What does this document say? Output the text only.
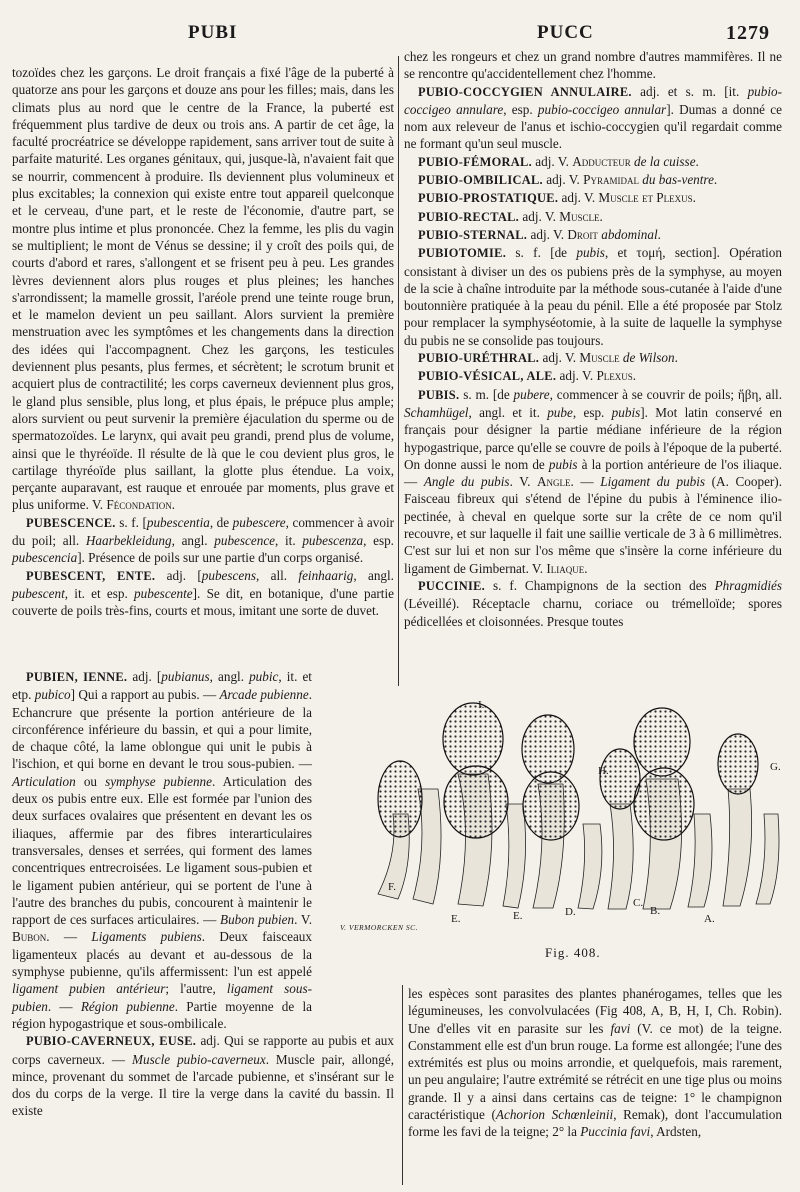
PUBI	PUCC	1279

tozoïdes chez les garçons. Le droit français a fixé l'âge de la puberté à quatorze ans pour les garçons et douze ans pour les filles; mais, dans les climats plus au nord que le centre de la France, la puberté est fréquemment plus tardive de deux ou trois ans. A partir de cet âge, la faculté procréatrice se développe rapidement, sans arriver tout de suite à parfaite maturité. Les organes génitaux, qui, jusque-là, n'avaient fait que se nourrir, commencent à produire. Ils deviennent plus volumineux et plus excitables; la connexion qui existe entre tout appareil quelconque et le cerveau, d'une part, et le reste de l'économie, d'autre part, se montre plus intime et plus prononcée. Chez la femme, les plis du vagin se multiplient; le mont de Vénus se dessine; il y croît des poils qui, de courts d'abord et rares, s'allongent et se frisent peu à peu. Les grandes lèvres deviennent alors plus rouges et plus pleines; les hanches s'arrondissent; la mamelle grossit, l'aréole prend une teinte rouge brun, et le mamelon devient un peu saillant. Alors survient la première menstruation avec les symptômes et les changements dans la direction des idées qui l'accompagnent. Chez les garçons, les testicules deviennent plus pesants, plus fermes, et sécrètent; le scrotum brunit et acquiert plus de contractilité; les corps caverneux deviennent plus gros, le gland plus sensible, plus long, et plus épais, le prépuce plus ample; alors survient ou peut survenir la première éjaculation du sperme ou de spermatozoïdes. Le larynx, qui avait peu grandi, prend plus de volume, ainsi que le thyréoïde. Il résulte de là que le cou devient plus gros, le cartilage thyréoïde plus saillant, la glotte plus étendue. La voix, perçante auparavant, est rauque et enrouée par moments, plus grave et plus uniforme. V. Fécondation.

PUBESCENCE. s. f. [pubescentia, de pubescere, commencer à avoir du poil; all. Haarbekleidung, angl. pubescence, it. pubescenza, esp. pubescencia]. Présence de poils sur une partie d'un corps organisé.

PUBESCENT, ENTE. adj. [pubescens, all. feinhaarig, angl. pubescent, it. et esp. pubescente]. Se dit, en botanique, d'une partie couverte de poils très-fins, courts et mous, imitant une sorte de duvet.

PUBIEN, IENNE. adj. [pubianus, angl. pubic, it. et etp. pubico] Qui a rapport au pubis. — Arcade pubienne. Echancrure que présente la portion antérieure de la circonférence inférieure du bassin, et qui a pour limite, de chaque côté, la lame oblongue qui unit le pubis à l'ischion, et qui borne en devant le trou sous-pubien. — Articulation ou symphyse pubienne. Articulation des deux os pubis entre eux. Elle est formée par l'union des deux surfaces ovalaires que présentent en devant les os iliaques, affermie par des fibres interarticulaires transversales, denses et serrées, qui forment des lames concentriques entrecroisées. Le ligament sous-pubien et le ligament pubien antérieur, qui se portent de l'une à l'autre des branches du pubis, concourent à maintenir le rapport de ces surfaces articulaires. — Bubon pubien. V. Bubon. — Ligaments pubiens. Deux faisceaux ligamenteux placés au devant et au-dessous de la symphyse pubienne, qu'ils affermissent: l'un est appelé ligament pubien antérieur; l'autre, ligament sous-pubien. — Région pubienne. Partie moyenne de la région hypogastrique et sous-ombilicale.

PUBIO-CAVERNEUX, EUSE. adj. Qui se rapporte au pubis et aux corps caverneux. — Muscle pubio-caverneux. Muscle pair, allongé, mince, provenant du sommet de l'arcade pubienne, et s'insérant sur le dos du corps de la verge. Il tire la verge dans la cavité du bassin. Il existe

chez les rongeurs et chez un grand nombre d'autres mammifères. Il ne se rencontre qu'accidentellement chez l'homme.

PUBIO-COCCYGIEN ANNULAIRE. adj. et s. m. [it. pubio-coccigeo annulare, esp. pubio-coccigeo annular]. Dumas a donné ce nom aux releveur de l'anus et ischio-coccygien qu'il regardait comme ne formant qu'un seul muscle.

PUBIO-FÉMORAL. adj. V. Adducteur de la cuisse.

PUBIO-OMBILICAL. adj. V. Pyramidal du bas-ventre.

PUBIO-PROSTATIQUE. adj. V. Muscle et Plexus.

PUBIO-RECTAL. adj. V. Muscle.

PUBIO-STERNAL. adj. V. Droit abdominal.

PUBIOTOMIE. s. f. [de pubis, et τομή, section]. Opération consistant à diviser un des os pubiens près de la symphyse, au moyen de la scie à chaîne introduite par la méthode sous-cutanée à l'aide d'une boutonnière pratiquée à la peau du pénil. Elle a été proposée par Stolz pour remplacer la symphyséotomie, à la suite de laquelle la symphyse du pubis ne se consolide pas toujours.

PUBIO-URÉTHRAL. adj. V. Muscle de Wilson.

PUBIO-VÉSICAL, ALE. adj. V. Plexus.

PUBIS. s. m. [de pubere, commencer à se couvrir de poils; ἥβη, all. Schamhügel, angl. et it. pube, esp. pubis]. Mot latin conservé en français pour désigner la partie médiane inférieure de la région hypogastrique, parce qu'elle se couvre de poils à l'époque de la puberté. On donne aussi le nom de pubis à la portion antérieure de l'os iliaque. — Angle du pubis. V. Angle. — Ligament du pubis (A. Cooper). Faisceau fibreux qui s'étend de l'épine du pubis à l'éminence ilio-pectinée, à cheval en quelque sorte sur la crête de ce nom qu'il recouvre, et sur laquelle il fait une saillie verticale de 3 à 6 millimètres. C'est sur lui et non sur l'os même que s'insère la corne inférieure du ligament de Gimbernat. V. Iliaque.

PUCCINIE. s. f. Champignons de la section des Phragmidiés (Léveillé). Réceptacle charnu, coriace ou trémelloïde; spores pédicellées et cloisonnées. Presque toutes

I.
H.	G.
F.
E.	E.	D.
C.
B.
A.
V. VERMORCKEN SC.
Fig. 408.

les espèces sont parasites des plantes phanérogames, telles que les légumineuses, les convolvulacées (Fig 408, A, B, H, I, Ch. Robin). Une d'elles vit en parasite sur les favi (V. ce mot) de la teigne. Constamment elle est d'un brun rouge. La forme est allongée; l'une des extrémités est plus ou moins arrondie, et quelquefois, mais rarement, un peu angulaire; l'autre extrémité se rétrécit en une tige plus ou moins grande. Il y a ainsi dans certains cas de teigne: 1° le champignon caractéristique (Achorion Schœnleinii, Remak), dont l'accumulation forme les favi de la teigne; 2° la Puccinia favi, Ardsten,
